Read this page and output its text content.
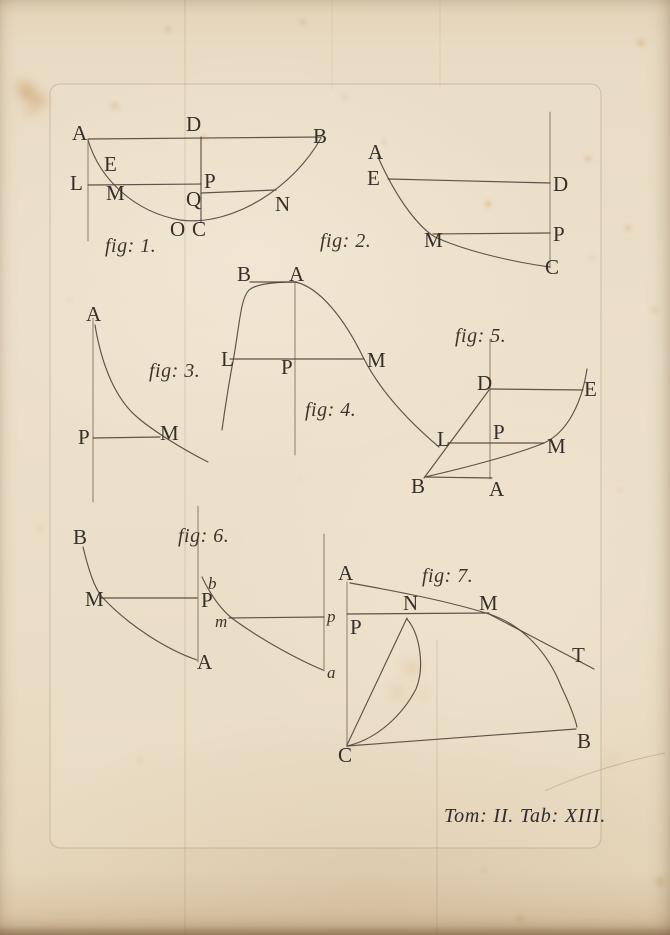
A	D	B
E
L M	P
Q	N
O C
fig: 1.
A
E	D
M	P
C
fig: 2.
A
P	M
fig: 3.
B A
L P	M
fig: 4.
D	E
L P
M
B	A
fig: 5.
B
M	P
A
fig: 6.
b
m	p
a
A
N	M
P
T
C
B
fig: 7.
Tom: II. Tab: XIII.
